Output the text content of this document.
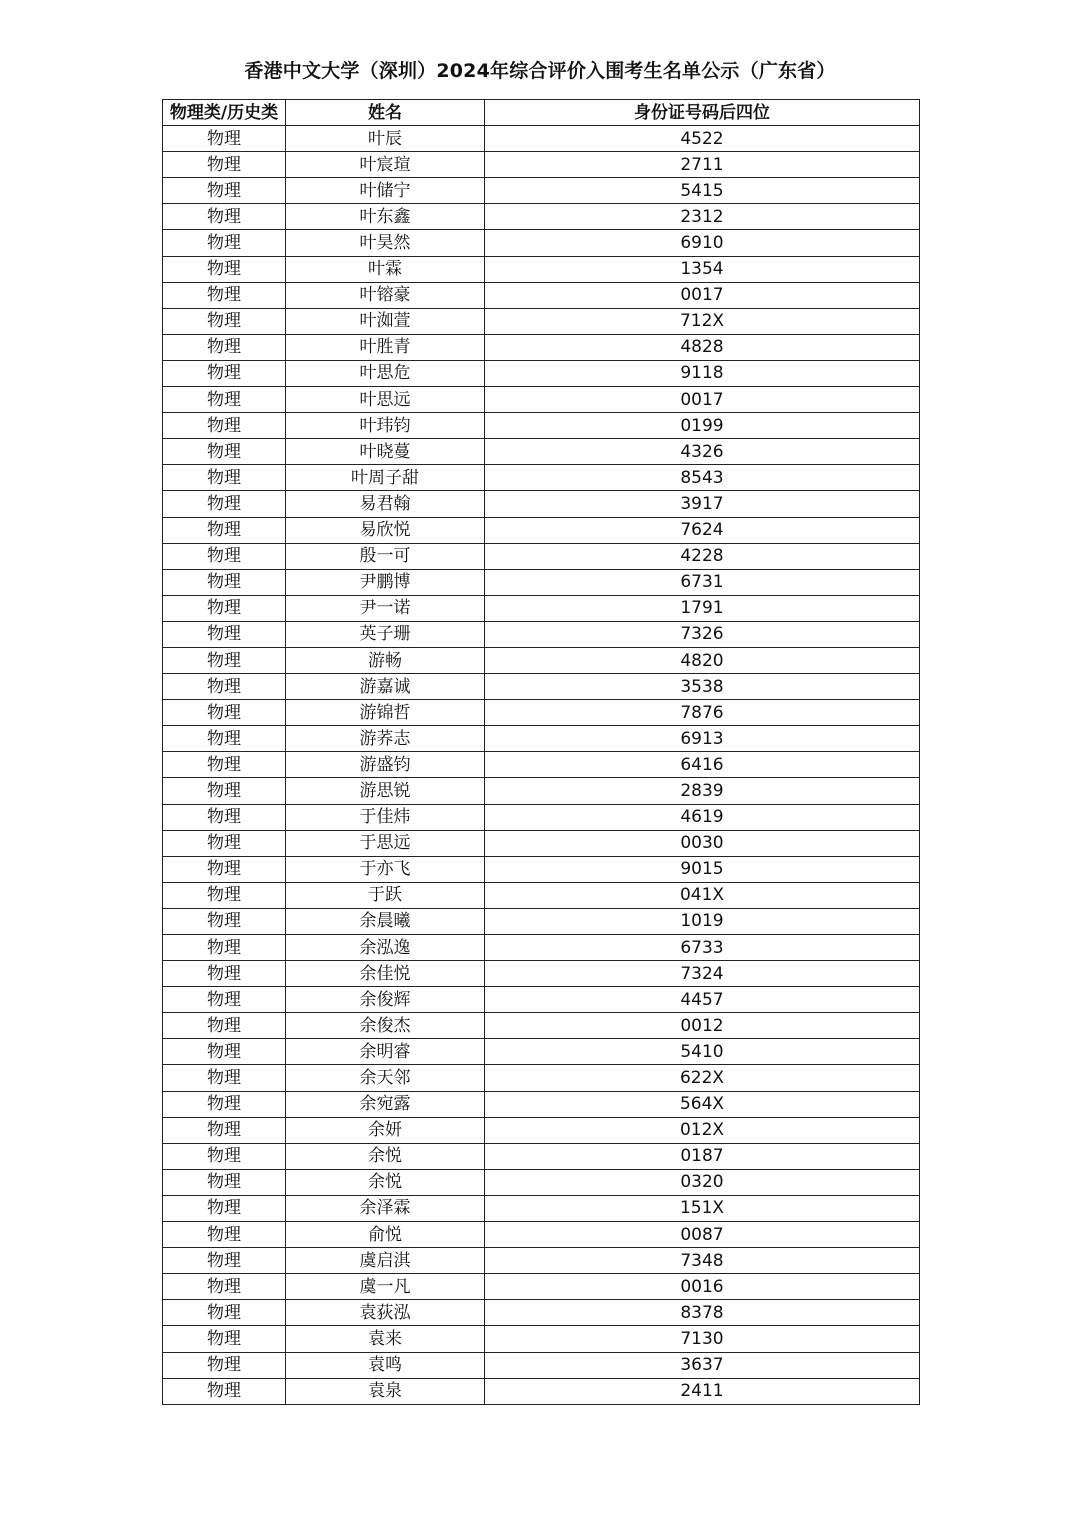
香港中文大学（深圳）2024年综合评价入围考生名单公示（广东省）
物理类/历史类	姓名	身份证号码后四位
物理	叶辰	4522
物理	叶宸瑄	2711
物理	叶储宁	5415
物理	叶东鑫	2312
物理	叶昊然	6910
物理	叶霖	1354
物理	叶镕豪	0017
物理	叶洳萱	712X
物理	叶胜青	4828
物理	叶思危	9118
物理	叶思远	0017
物理	叶玮钧	0199
物理	叶晓蔓	4326
物理	叶周子甜	8543
物理	易君翰	3917
物理	易欣悦	7624
物理	殷一可	4228
物理	尹鹏博	6731
物理	尹一诺	1791
物理	英子珊	7326
物理	游畅	4820
物理	游嘉诚	3538
物理	游锦哲	7876
物理	游荞志	6913
物理	游盛钧	6416
物理	游思锐	2839
物理	于佳炜	4619
物理	于思远	0030
物理	于亦飞	9015
物理	于跃	041X
物理	余晨曦	1019
物理	余泓逸	6733
物理	余佳悦	7324
物理	余俊辉	4457
物理	余俊杰	0012
物理	余明睿	5410
物理	余天邻	622X
物理	余宛露	564X
物理	余妍	012X
物理	余悦	0187
物理	余悦	0320
物理	余泽霖	151X
物理	俞悦	0087
物理	虞启淇	7348
物理	虞一凡	0016
物理	袁荻泓	8378
物理	袁来	7130
物理	袁鸣	3637
物理	袁泉	2411
